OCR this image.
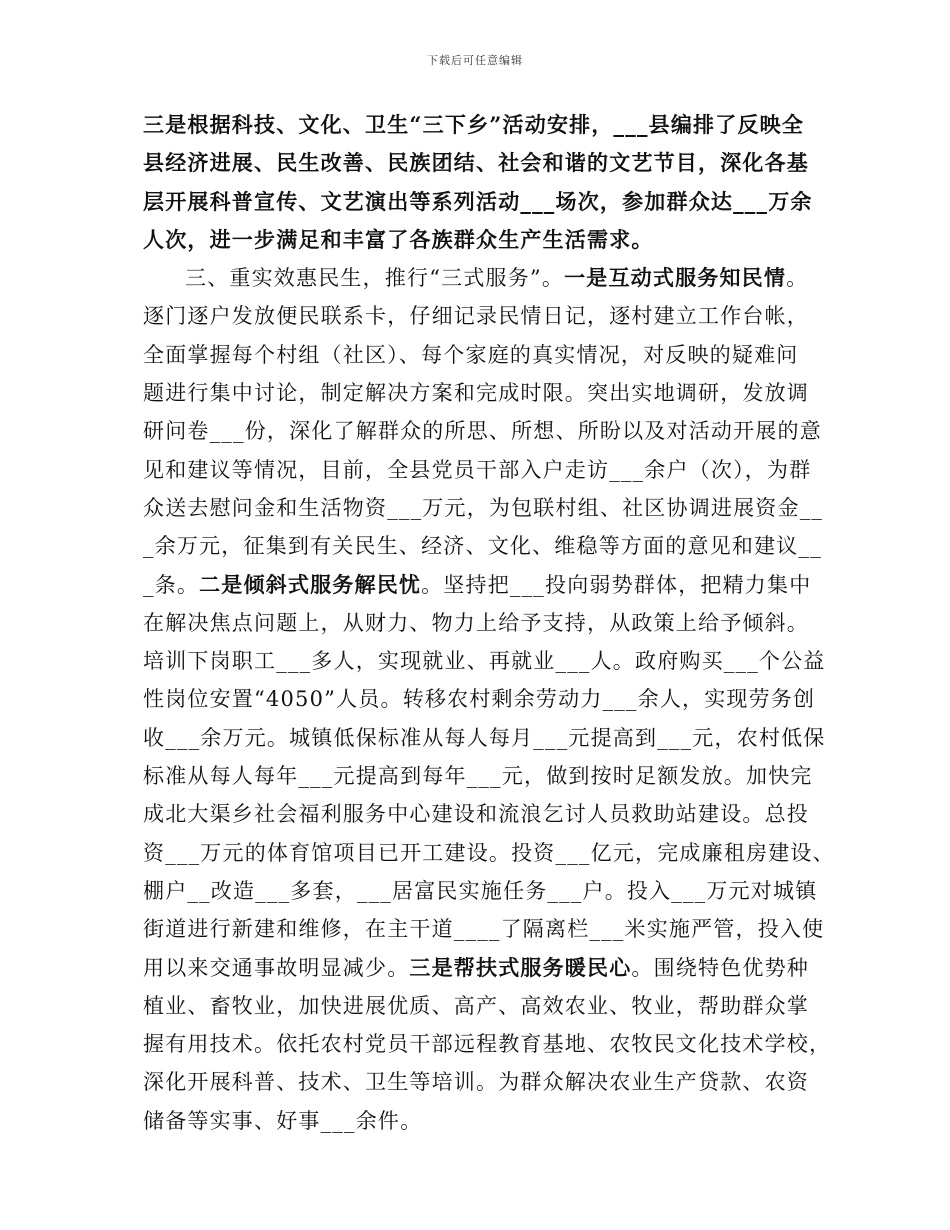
下载后可任意编辑
三是根据科技、文化、卫生“三下乡”活动安排，___县编排了反映全
县经济进展、民生改善、民族团结、社会和谐的文艺节目，深化各基
层开展科普宣传、文艺演出等系列活动___场次，参加群众达___万余
人次，进一步满足和丰富了各族群众生产生活需求。
三、重实效惠民生，推行“三式服务”。一是互动式服务知民情。
逐门逐户发放便民联系卡，仔细记录民情日记，逐村建立工作台帐，
全面掌握每个村组（社区）、每个家庭的真实情况，对反映的疑难问
题进行集中讨论，制定解决方案和完成时限。突出实地调研，发放调
研问卷___份，深化了解群众的所思、所想、所盼以及对活动开展的意
见和建议等情况，目前，全县党员干部入户走访___余户（次），为群
众送去慰问金和生活物资___万元，为包联村组、社区协调进展资金__
_余万元，征集到有关民生、经济、文化、维稳等方面的意见和建议__
_条。二是倾斜式服务解民忧。坚持把___投向弱势群体，把精力集中
在解决焦点问题上，从财力、物力上给予支持，从政策上给予倾斜。
培训下岗职工___多人，实现就业、再就业___人。政府购买___个公益
性岗位安置“4050”人员。转移农村剩余劳动力___余人，实现劳务创
收___余万元。城镇低保标准从每人每月___元提高到___元，农村低保
标准从每人每年___元提高到每年___元，做到按时足额发放。加快完
成北大渠乡社会福利服务中心建设和流浪乞讨人员救助站建设。总投
资___万元的体育馆项目已开工建设。投资___亿元，完成廉租房建设、
棚户__改造___多套，___居富民实施任务___户。投入___万元对城镇
街道进行新建和维修，在主干道____了隔离栏___米实施严管，投入使
用以来交通事故明显减少。三是帮扶式服务暖民心。围绕特色优势种
植业、畜牧业，加快进展优质、高产、高效农业、牧业，帮助群众掌
握有用技术。依托农村党员干部远程教育基地、农牧民文化技术学校，
深化开展科普、技术、卫生等培训。为群众解决农业生产贷款、农资
储备等实事、好事___余件。
